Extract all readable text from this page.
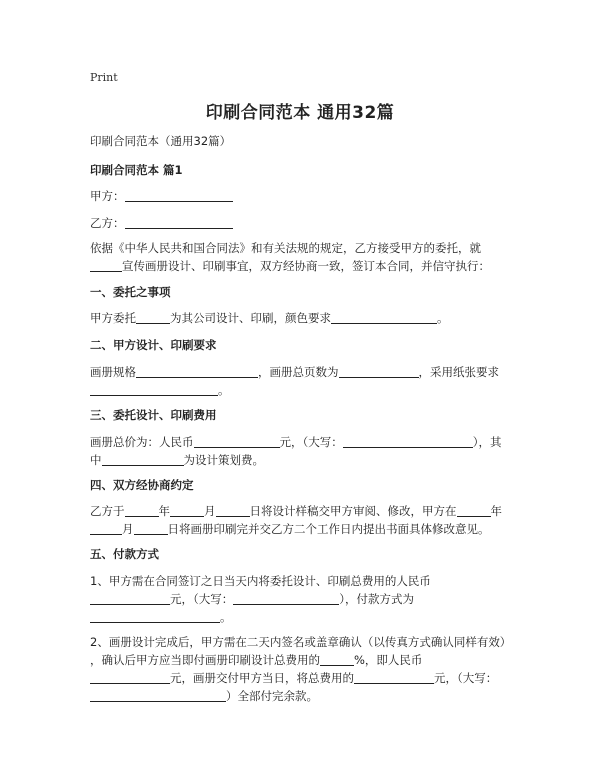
Print
印刷合同范本 通用32篇
印刷合同范本（通用32篇）
印刷合同范本 篇1
甲方：
乙方：
依据《中华人民共和国合同法》和有关法规的规定，乙方接受甲方的委托，就
宣传画册设计、印刷事宜，双方经协商一致，签订本合同，并信守执行：
一、委托之事项
甲方委托	为其公司设计、印刷，颜色要求	。
二、甲方设计、印刷要求
画册规格	，画册总页数为	，采用纸张要求
。
三、委托设计、印刷费用
画册总价为：人民币	元，（大写：	），其
中	为设计策划费。
四、双方经协商约定
乙方于	年	月	日将设计样稿交甲方审阅、修改，甲方在	年
月	日将画册印刷完并交乙方二个工作日内提出书面具体修改意见。
五、付款方式
1、甲方需在合同签订之日当天内将委托设计、印刷总费用的人民币
元，（大写：	），付款方式为
。
2、画册设计完成后，甲方需在二天内签名或盖章确认（以传真方式确认同样有效）
，确认后甲方应当即付画册印刷设计总费用的	%，即人民币
元，画册交付甲方当日，将总费用的	元，（大写：
）全部付完余款。
